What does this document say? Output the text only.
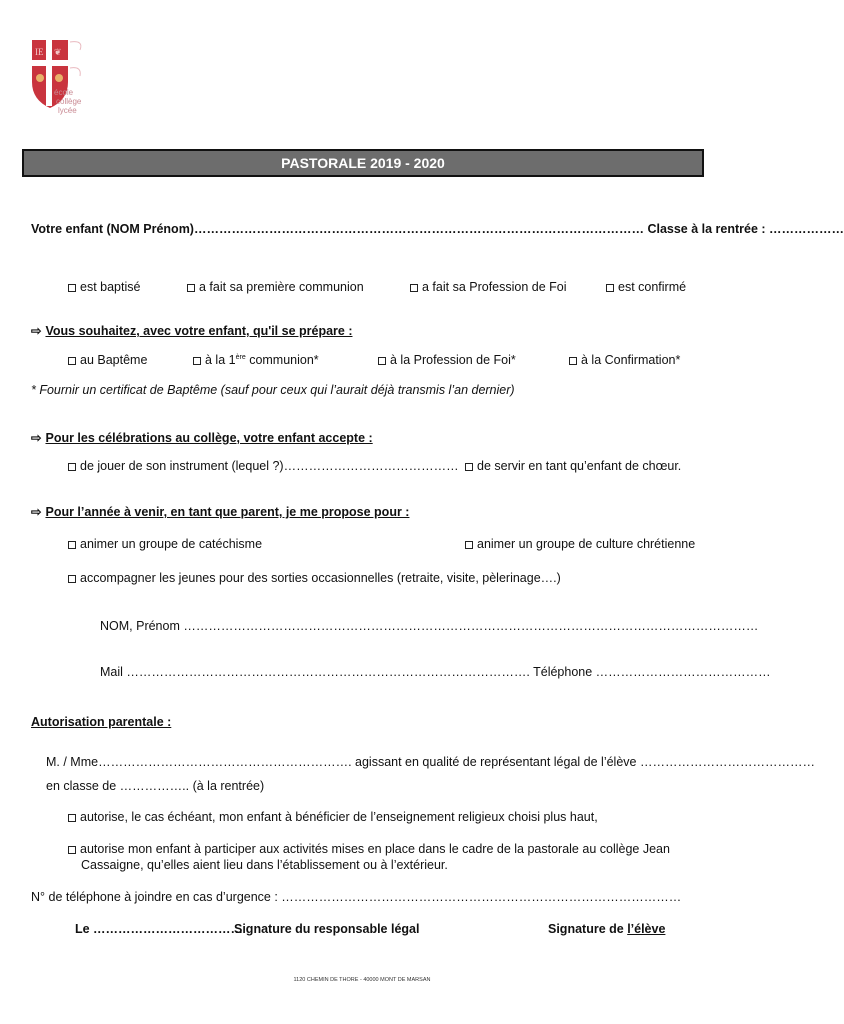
IE ❦
école
collège
lycée
PASTORALE 2019 - 2020
Votre enfant (NOM Prénom)……………………………………………………………………………………………… Classe à la rentrée : ………………
est baptisé	a fait sa première communion	a fait sa Profession de Foi	est confirmé
⇨ Vous souhaitez, avec votre enfant, qu'il se prépare :
au Baptême	à la 1ère communion*	à la Profession de Foi*	à la Confirmation*
* Fournir un certificat de Baptême (sauf pour ceux qui l’aurait déjà transmis l’an dernier)
⇨ Pour les célébrations au collège, votre enfant accepte :
de jouer de son instrument (lequel ?)……………………………………	de servir en tant qu’enfant de chœur.
⇨ Pour l’année à venir, en tant que parent, je me propose pour :
animer un groupe de catéchisme	animer un groupe de culture chrétienne
accompagner les jeunes pour des sorties occasionnelles (retraite, visite, pèlerinage….)
NOM, Prénom …………………………………………………………………………………………………………………………
Mail ……………………………………………………………………………………. Téléphone ……………………………………
Autorisation parentale :
M. / Mme……………………………………………………. agissant en qualité de représentant légal de l’élève ……………………………………
en classe de …………….. (à la rentrée)
autorise, le cas échéant, mon enfant à bénéficier de l’enseignement religieux choisi plus haut,
autorise mon enfant à participer aux activités mises en place dans le cadre de la pastorale au collège Jean
Cassaigne, qu’elles aient lieu dans l’établissement ou à l’extérieur.
N° de téléphone à joindre en cas d’urgence : ……………………………………………………………………………………
Le ………………………………
Signature du responsable légal	Signature de l’élève
1120 CHEMIN DE THORE - 40000 MONT DE MARSAN
